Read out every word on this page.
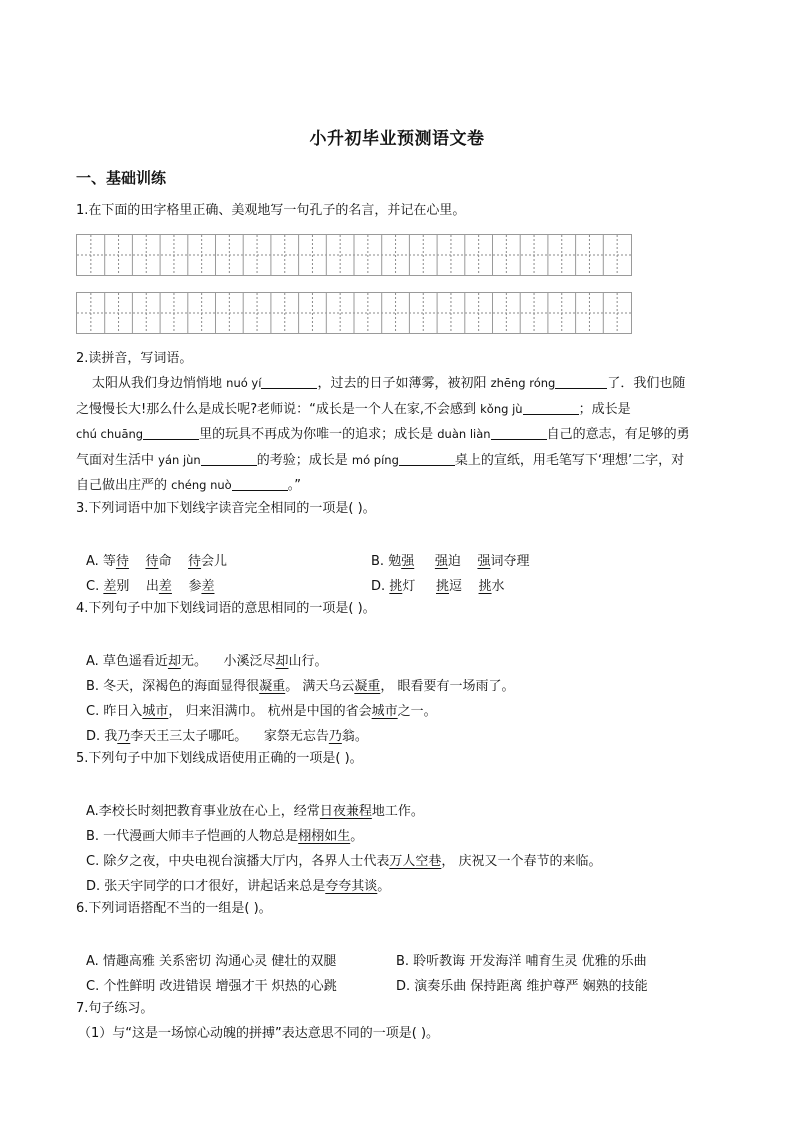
小升初毕业预测语文卷
一、基础训练
1.在下面的田字格里正确、美观地写一句孔子的名言，并记在心里。
2.读拼音，写词语。
太阳从我们身边悄悄地 nuó yí	，过去的日子如薄雾，被初阳 zhēng róng	了．我们也随
之慢慢长大!那么什么是成长呢?老师说：“成长是一个人在家,不会感到 kǒng jù	；成长是
chú chuāng	里的玩具不再成为你唯一的追求；成长是 duàn liàn	自己的意志，有足够的勇
气面对生活中 yán jùn	的考验；成长是 mó píng	桌上的宣纸，用毛笔写下‘理想’二字，对
自己做出庄严的 chéng nuò	。”
3.下列词语中加下划线字读音完全相同的一项是( )。
A. 等待 待命    待会儿	B. 勉强 强迫    强词夺理
C. 差别    出差    参差	D. 挑灯     挑逗    挑水
4.下列句子中加下划线词语的意思相同的一项是( )。
A. 草色遥看近却无。    小溪泛尽却山行。
B. 冬天，深褐色的海面显得很凝重。 满天乌云凝重， 眼看要有一场雨了。
C. 昨日入城市， 归来泪满巾。 杭州是中国的省会城市之一。
D. 我乃李天王三太子哪吒。    家祭无忘告乃翁。
5.下列句子中加下划线成语使用正确的一项是( )。
A.李校长时刻把教育事业放在心上，经常日夜兼程地工作。
B. 一代漫画大师丰子恺画的人物总是栩栩如生。
C. 除夕之夜，中央电视台演播大厅内，各界人士代表万人空巷， 庆祝又一个春节的来临。
D. 张天宇同学的口才很好，讲起话来总是夸夸其谈。
6.下列词语搭配不当的一组是( )。
A. 情趣高雅 关系密切 沟通心灵 健壮的双腿	B. 聆听教诲 开发海洋 哺育生灵 优雅的乐曲
C. 个性鲜明 改进错误 增强才干 炽热的心跳	D. 演奏乐曲 保持距离 维护尊严 娴熟的技能
7.句子练习。
（1）与“这是一场惊心动魄的拼搏”表达意思不同的一项是( )。
